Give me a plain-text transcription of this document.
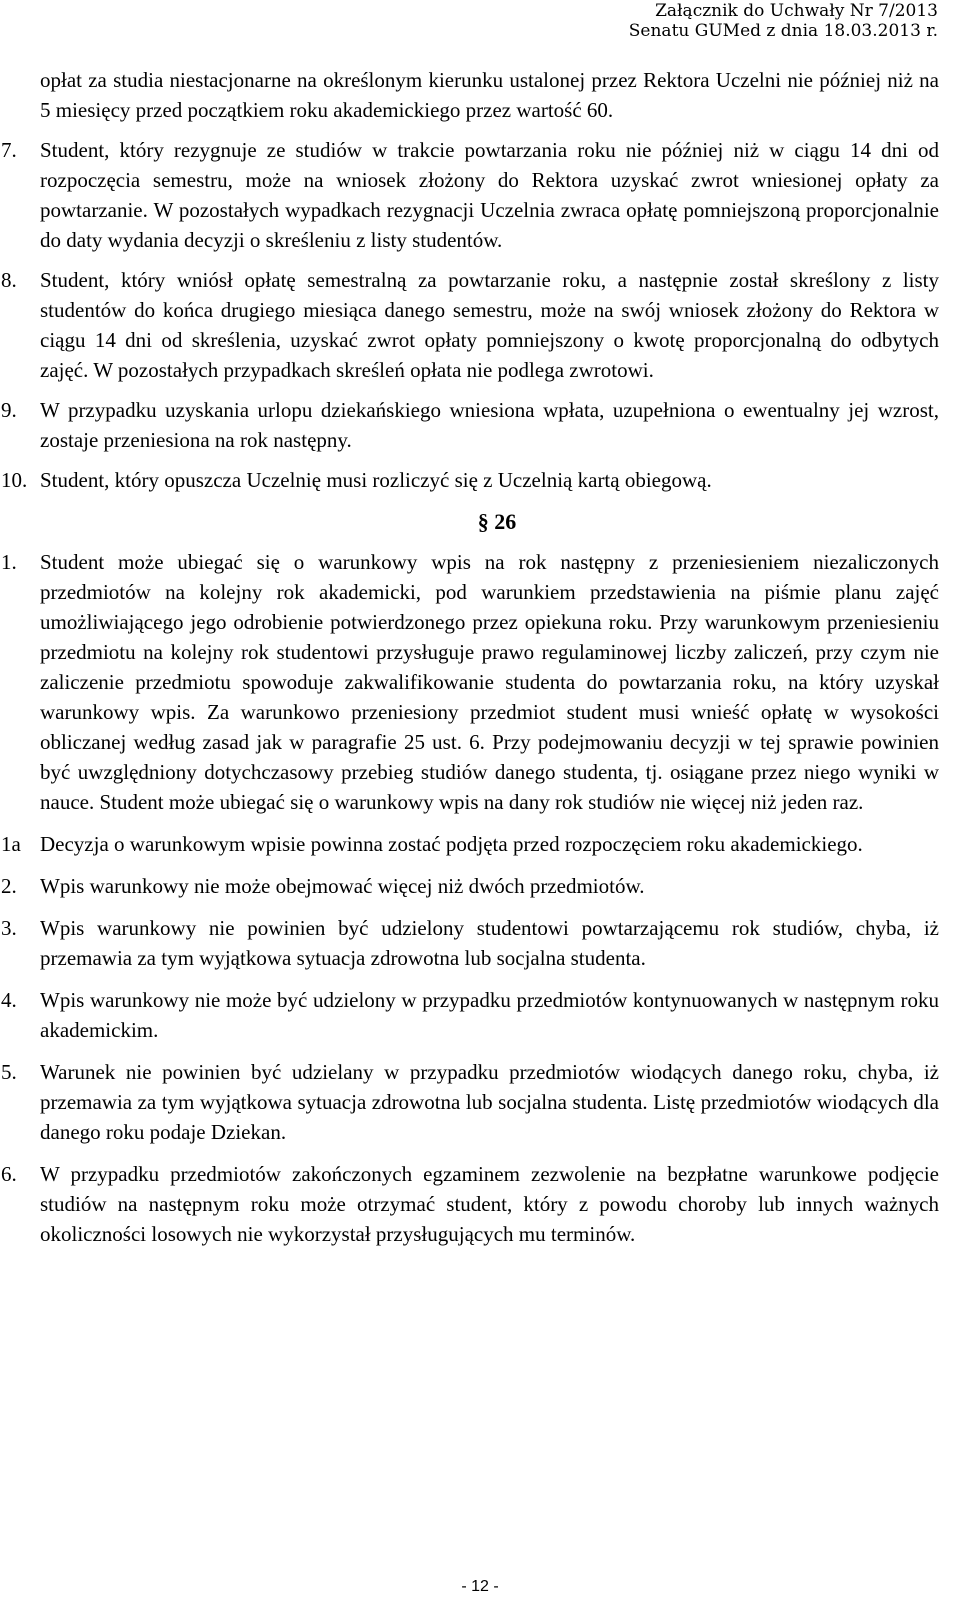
Załącznik do Uchwały Nr 7/2013
Senatu GUMed z dnia 18.03.2013 r.

opłat za studia niestacjonarne na określonym kierunku ustalonej przez Rektora Uczelni nie później niż na 5 miesięcy przed początkiem roku akademickiego przez wartość 60.

7. Student, który rezygnuje ze studiów w trakcie powtarzania roku nie później niż w ciągu 14 dni od rozpoczęcia semestru, może na wniosek złożony do Rektora uzyskać zwrot wniesionej opłaty za powtarzanie. W pozostałych wypadkach rezygnacji Uczelnia zwraca opłatę pomniejszoną proporcjonalnie do daty wydania decyzji o skreśleniu z listy studentów.
8. Student, który wniósł opłatę semestralną za powtarzanie roku, a następnie został skreślony z listy studentów do końca drugiego miesiąca danego semestru, może na swój wniosek złożony do Rektora w ciągu 14 dni od skreślenia, uzyskać zwrot opłaty pomniejszony o kwotę proporcjonalną do odbytych zajęć. W pozostałych przypadkach skreśleń opłata nie podlega zwrotowi.
9. W przypadku uzyskania urlopu dziekańskiego wniesiona wpłata, uzupełniona o ewentualny jej wzrost, zostaje przeniesiona na rok następny.
10. Student, który opuszcza Uczelnię musi rozliczyć się z Uczelnią kartą obiegową.
§ 26
1. Student może ubiegać się o warunkowy wpis na rok następny z przeniesieniem niezaliczonych przedmiotów na kolejny rok akademicki, pod warunkiem przedstawienia na piśmie planu zajęć umożliwiającego jego odrobienie potwierdzonego przez opiekuna roku. Przy warunkowym przeniesieniu przedmiotu na kolejny rok studentowi przysługuje prawo regulaminowej liczby zaliczeń, przy czym nie zaliczenie przedmiotu spowoduje zakwalifikowanie studenta do powtarzania roku, na który uzyskał warunkowy wpis. Za warunkowo przeniesiony przedmiot student musi wnieść opłatę w wysokości obliczanej według zasad jak w paragrafie 25 ust. 6. Przy podejmowaniu decyzji w tej sprawie powinien być uwzględniony dotychczasowy przebieg studiów danego studenta, tj. osiągane przez niego wyniki w nauce. Student może ubiegać się o warunkowy wpis na dany rok studiów nie więcej niż jeden raz.
1a Decyzja o warunkowym wpisie powinna zostać podjęta przed rozpoczęciem roku akademickiego.
2. Wpis warunkowy nie może obejmować więcej niż dwóch przedmiotów.
3. Wpis warunkowy nie powinien być udzielony studentowi powtarzającemu rok studiów, chyba, iż przemawia za tym wyjątkowa sytuacja zdrowotna lub socjalna studenta.
4. Wpis warunkowy nie może być udzielony w przypadku przedmiotów kontynuowanych w następnym roku akademickim.
5. Warunek nie powinien być udzielany w przypadku przedmiotów wiodących danego roku, chyba, iż przemawia za tym wyjątkowa sytuacja zdrowotna lub socjalna studenta. Listę przedmiotów wiodących dla danego roku podaje Dziekan.
6. W przypadku przedmiotów zakończonych egzaminem zezwolenie na bezpłatne warunkowe podjęcie studiów na następnym roku może otrzymać student, który z powodu choroby lub innych ważnych okoliczności losowych nie wykorzystał przysługujących mu terminów.
- 12 -
